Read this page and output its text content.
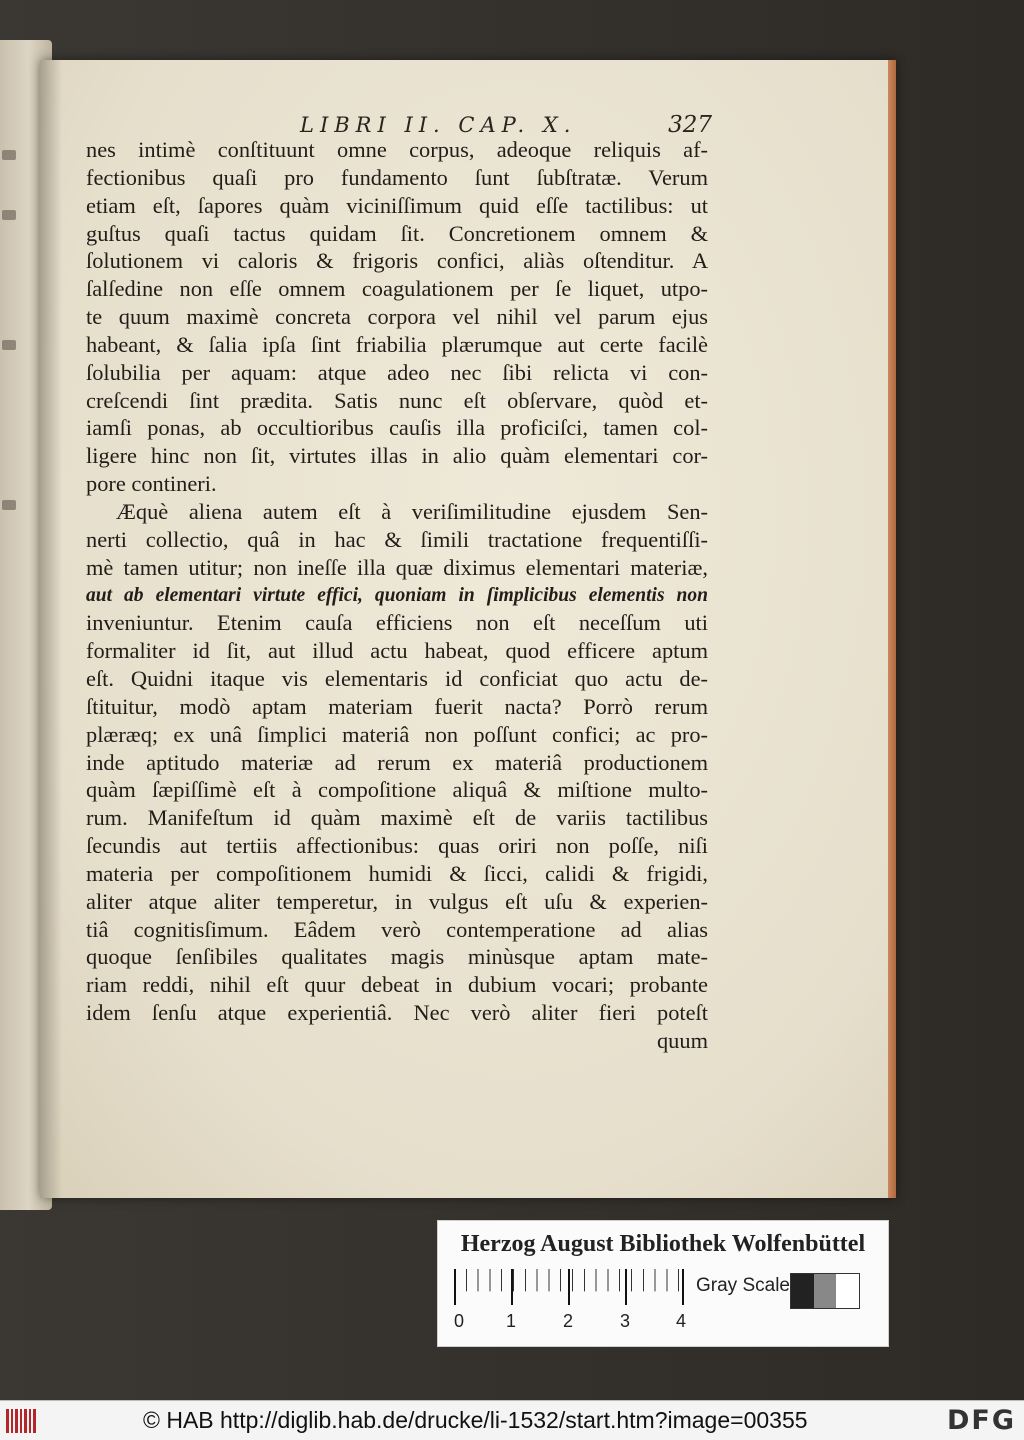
LIBRI II. CAP. X.	327
nes intimè conſtituunt omne corpus, adeoque reliquis af-
fectionibus quaſi pro fundamento ſunt ſubſtratæ. Verum
etiam eſt, ſapores quàm viciniſſimum quid eſſe tactilibus: ut
guſtus quaſi tactus quidam ſit. Concretionem omnem &
ſolutionem vi caloris & frigoris confici, aliàs oſtenditur. A
ſalſedine non eſſe omnem coagulationem per ſe liquet, utpo-
te quum maximè concreta corpora vel nihil vel parum ejus
habeant, & ſalia ipſa ſint friabilia plærumque aut certe facilè
ſolubilia per aquam: atque adeo nec ſibi relicta vi con-
creſcendi ſint prædita. Satis nunc eſt obſervare, quòd et-
iamſi ponas, ab occultioribus cauſis illa proficiſci, tamen col-
ligere hinc non ſit, virtutes illas in alio quàm elementari cor-
pore contineri.
Æquè aliena autem eſt à veriſimilitudine ejusdem Sen-
nerti collectio, quâ in hac & ſimili tractatione frequentiſſi-
mè tamen utitur; non ineſſe illa quæ diximus elementari materiæ,
aut ab elementari virtute effici, quoniam in ſimplicibus elementis non
inveniuntur. Etenim cauſa efficiens non eſt neceſſum uti
formaliter id ſit, aut illud actu habeat, quod efficere aptum
eſt. Quidni itaque vis elementaris id conficiat quo actu de-
ſtituitur, modò aptam materiam fuerit nacta? Porrò rerum
plæræq; ex unâ ſimplici materiâ non poſſunt confici; ac pro-
inde aptitudo materiæ ad rerum ex materiâ productionem
quàm ſæpiſſimè eſt à compoſitione aliquâ & miſtione multo-
rum. Manifeſtum id quàm maximè eſt de variis tactilibus
ſecundis aut tertiis affectionibus: quas oriri non poſſe, niſi
materia per compoſitionem humidi & ſicci, calidi & frigidi,
aliter atque aliter temperetur, in vulgus eſt uſu & experien-
tiâ cognitisſimum. Eâdem verò contemperatione ad alias
quoque ſenſibiles qualitates magis minùsque aptam mate-
riam reddi, nihil eſt quur debeat in dubium vocari; probante
idem ſenſu atque experientiâ. Nec verò aliter fieri poteſt
quum
Herzog August Bibliothek Wolfenbüttel
0 1	2	3	4
Gray Scale
© HAB http://diglib.hab.de/drucke/li-1532/start.htm?image=00355	DFG
